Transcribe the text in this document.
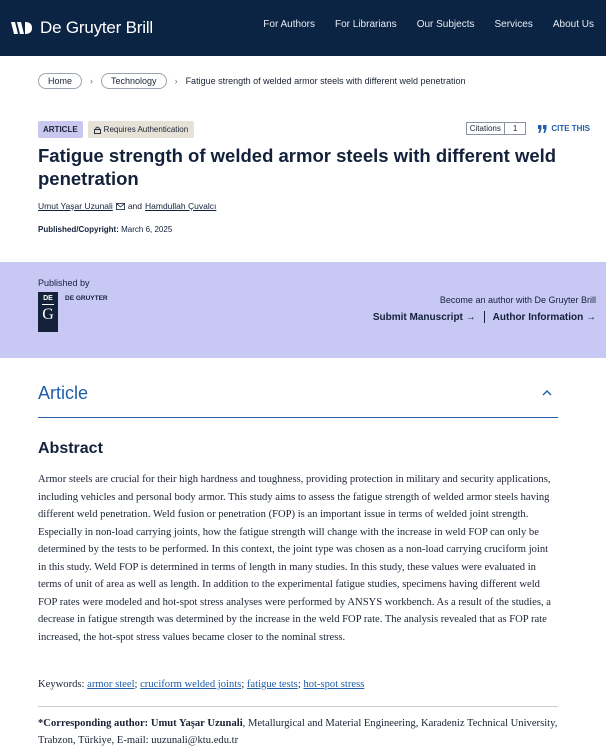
De Gruyter Brill	For Authors For Librarians Our Subjects Services About Us
Home	›	Technology	› Fatigue strength of welded armor steels with different weld penetration
ARTICLE	Requires Authentication	Citations	1	CITE THIS
Fatigue strength of welded armor steels with different weld penetration
Umut Yaşar Uzunali and Hamdullah Çuvalcı
Published/Copyright: March 6, 2025
Published by
DE
G
DE GRUYTER	Become an author with De Gruyter Brill
Submit Manuscript → Author Information →
Article
Abstract

Armor steels are crucial for their high hardness and toughness, providing protection in military and security applications, including vehicles and personal body armor. This study aims to assess the fatigue strength of welded armor steels having different weld penetration. Weld fusion or penetration (FOP) is an important issue in terms of welded joint strength. Especially in non-load carrying joints, how the fatigue strength will change with the increase in weld FOP can only be determined by the tests to be performed. In this context, the joint type was chosen as a non-load carrying cruciform joint in this study. Weld FOP is determined in terms of length in many studies. In this study, these values were evaluated in terms of unit of area as well as length. In addition to the experimental fatigue studies, specimens having different weld FOP rates were modeled and hot-spot stress analyses were performed by ANSYS workbench. As a result of the studies, a decrease in fatigue strength was determined by the increase in the weld FOP rate. The analysis revealed that as FOP rate increased, the hot-spot stress values became closer to the nominal stress.

Keywords: armor steel; cruciform welded joints; fatigue tests; hot-spot stress

*Corresponding author: Umut Yaşar Uzunali, Metallurgical and Material Engineering, Karadeniz Technical University, Trabzon, Türkiye, E-mail: uuzunali@ktu.edu.tr
